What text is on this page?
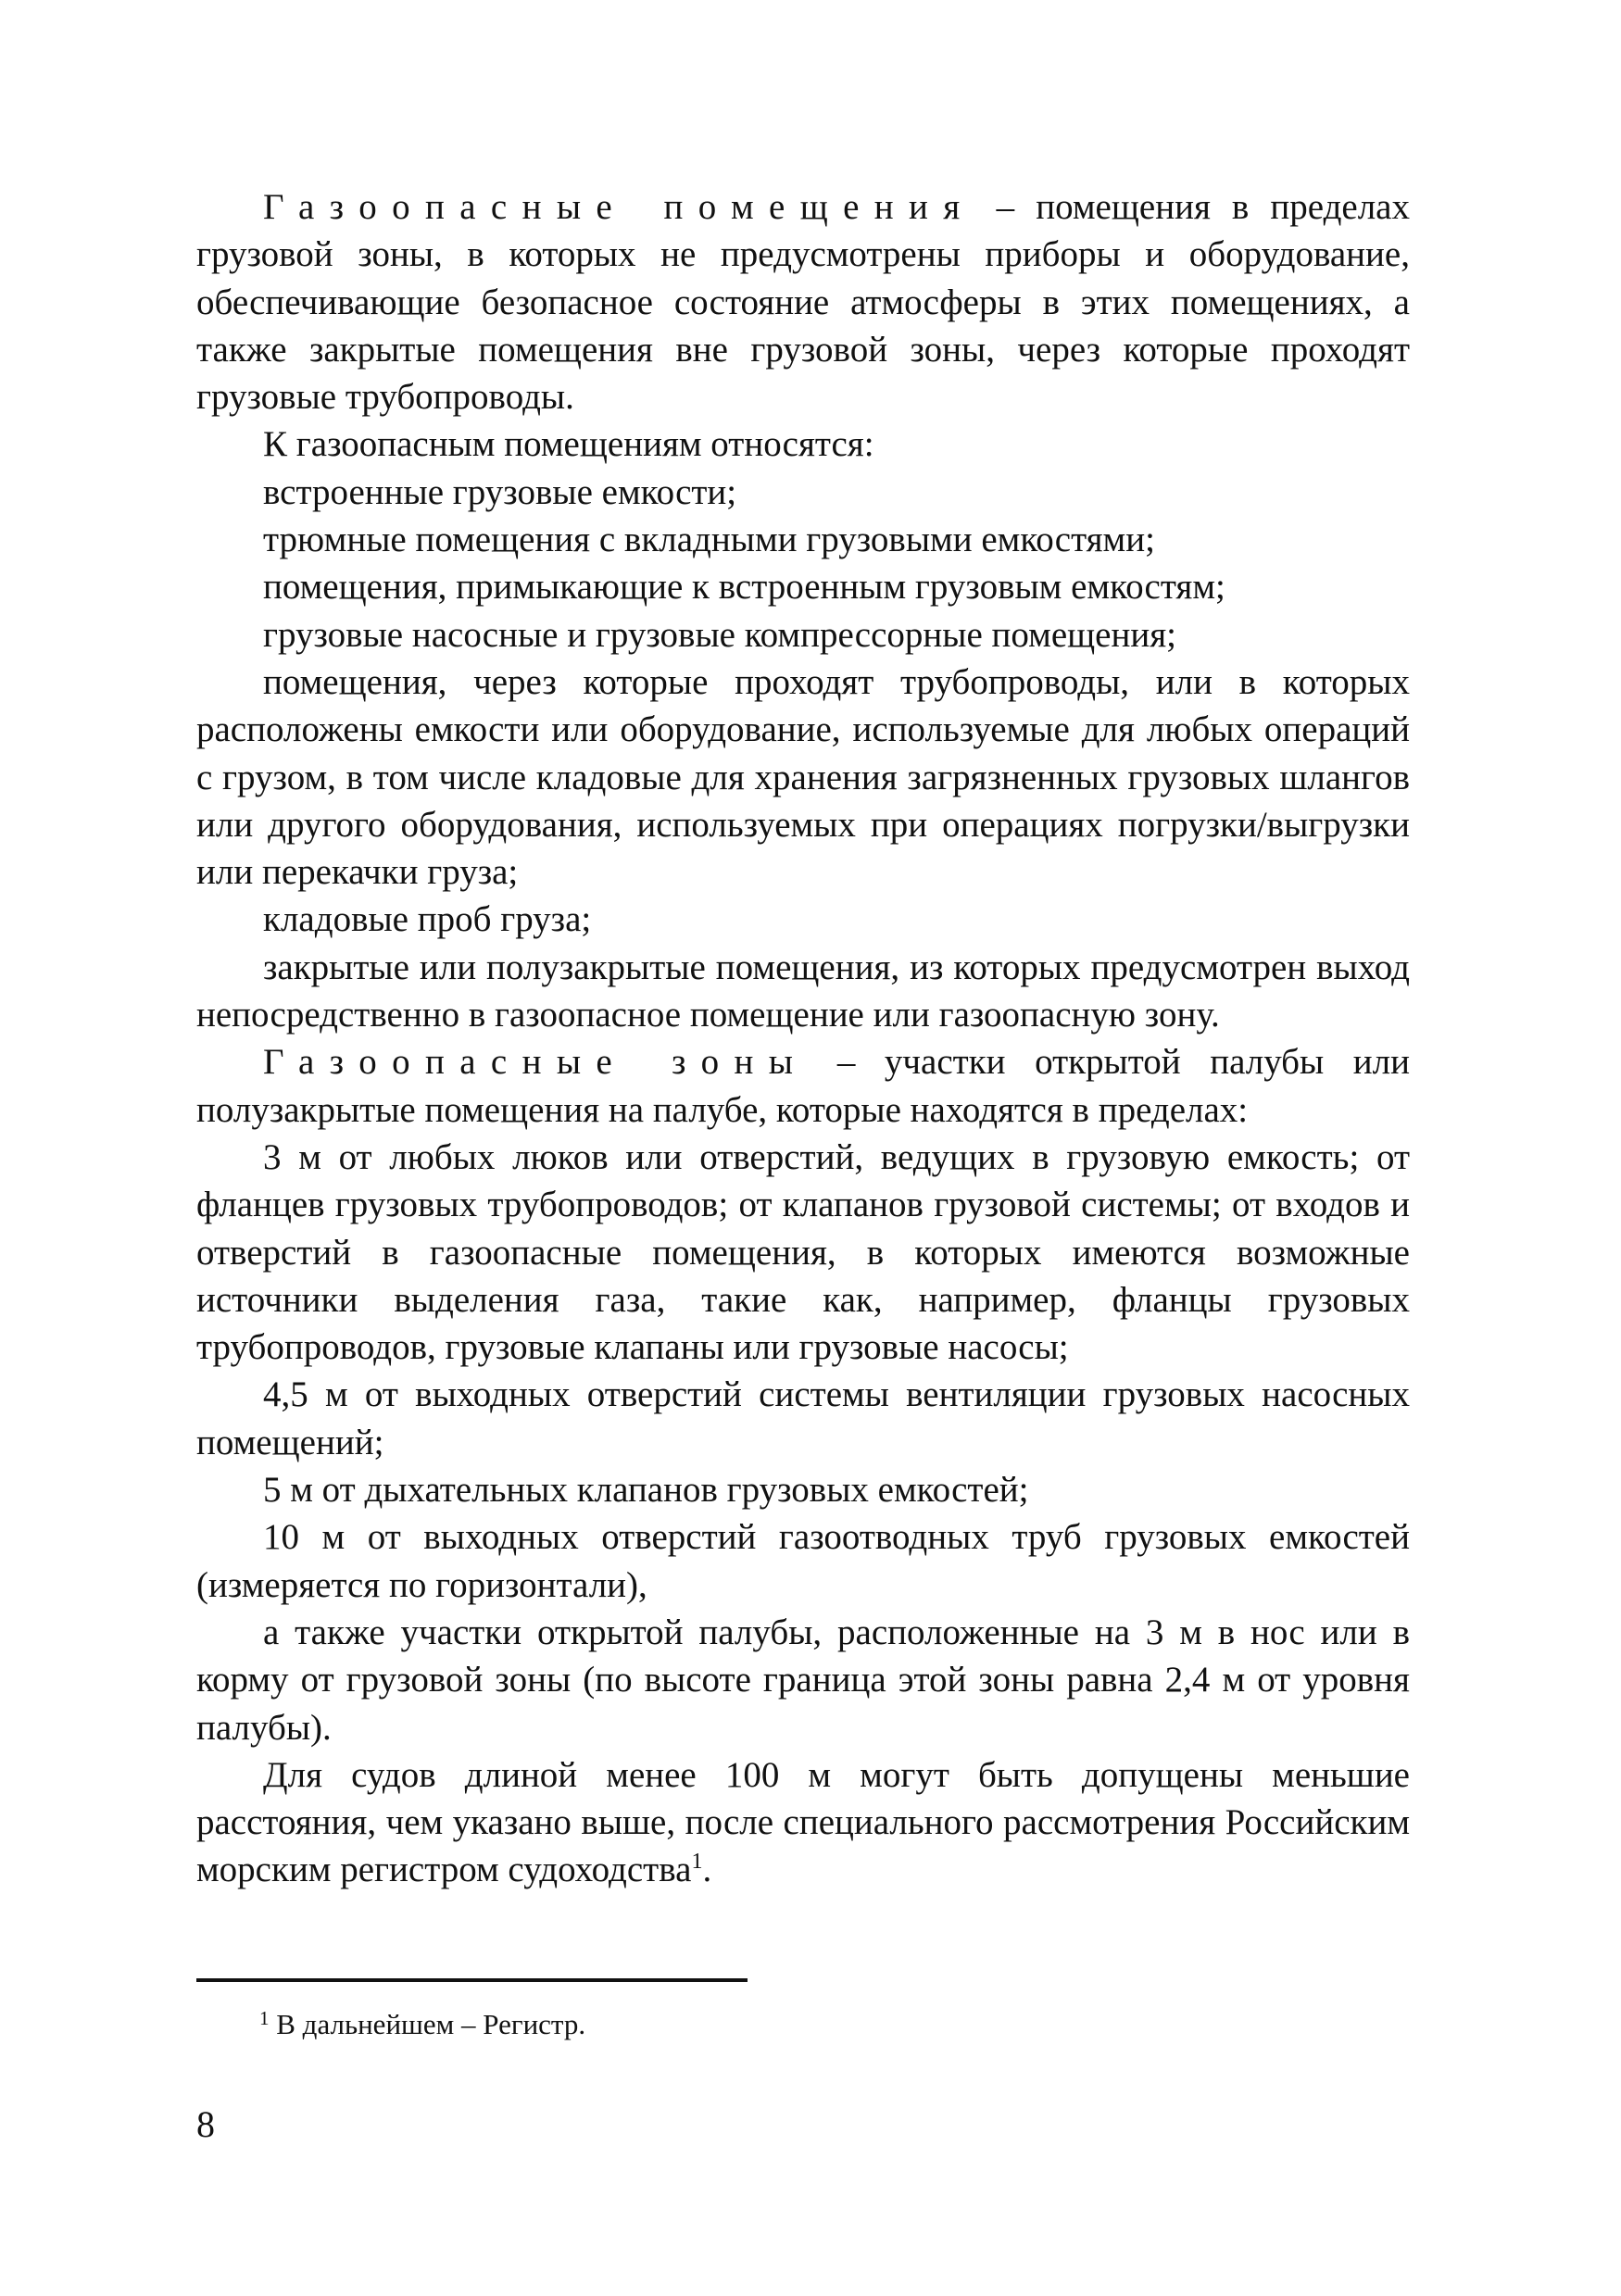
Газоопасные помещения – помещения в пределах грузовой зоны, в которых не предусмотрены приборы и оборудование, обеспечивающие безопасное состояние атмосферы в этих помещениях, а также закрытые помещения вне грузовой зоны, через которые проходят грузовые трубопроводы.

К газоопасным помещениям относятся:

встроенные грузовые емкости;

трюмные помещения с вкладными грузовыми емкостями;

помещения, примыкающие к встроенным грузовым емкостям;

грузовые насосные и грузовые компрессорные помещения;

помещения, через которые проходят трубопроводы, или в которых расположены емкости или оборудование, используемые для любых операций с грузом, в том числе кладовые для хранения загрязненных грузовых шлангов или другого оборудования, используемых при операциях погрузки/выгрузки или перекачки груза;

кладовые проб груза;

закрытые или полузакрытые помещения, из которых предусмотрен выход непосредственно в газоопасное помещение или газоопасную зону.

Газоопасные зоны – участки открытой палубы или полузакрытые помещения на палубе, которые находятся в пределах:

3 м от любых люков или отверстий, ведущих в грузовую емкость; от фланцев грузовых трубопроводов; от клапанов грузовой системы; от входов и отверстий в газоопасные помещения, в которых имеются возможные источники выделения газа, такие как, например, фланцы грузовых трубопроводов, грузовые клапаны или грузовые насосы;

4,5 м от выходных отверстий системы вентиляции грузовых насосных помещений;

5 м от дыхательных клапанов грузовых емкостей;

10 м от выходных отверстий газоотводных труб грузовых емкостей (измеряется по горизонтали),

а также участки открытой палубы, расположенные на 3 м в нос или в корму от грузовой зоны (по высоте граница этой зоны равна 2,4 м от уровня палубы).

Для судов длиной менее 100 м могут быть допущены меньшие расстояния, чем указано выше, после специального рассмотрения Российским морским регистром судоходства$^1$.

$^1$ В дальнейшем – Регистр.

8
